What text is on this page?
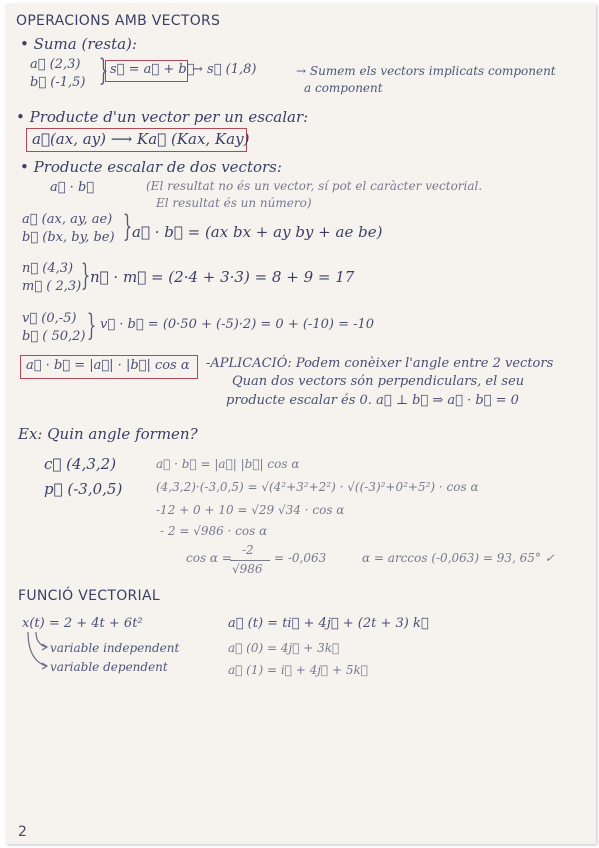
OPERACIONS AMB VECTORS
• Suma (resta):
a⃗ (2,3)
b⃗ (-1,5) } s⃗ = a⃗ + b⃗
→ s⃗ (1,8)	→ Sumem els vectors implicats component
a component
• Producte d'un vector per un escalar:
a⃗(ax, ay) ⟶ Ka⃗ (Kax, Kay)
• Producte escalar de dos vectors:
a⃗ · b⃗	(El resultat no és un vector, sí pot el caràcter vectorial.
El resultat és un número)
a⃗ (ax, ay, ae)
b⃗ (bx, by, be) } a⃗ · b⃗ = (ax bx + ay by + ae be)
n⃗ (4,3)
m⃗ ( 2,3) } n⃗ · m⃗ = (2·4 + 3·3) = 8 + 9 = 17
v⃗ (0,-5)
b⃗ ( 50,2) } v⃗ · b⃗ = (0·50 + (-5)·2) = 0 + (-10) = -10
a⃗ · b⃗ = |a⃗| · |b⃗| cos α -APLICACIÓ: Podem conèixer l'angle entre 2 vectors
Quan dos vectors són perpendiculars, el seu
producte escalar és 0. a⃗ ⊥ b⃗ ⇒ a⃗ · b⃗ = 0
Ex: Quin angle formen?
c⃗ (4,3,2)
p⃗ (-3,0,5)
a⃗ · b⃗ = |a⃗| |b⃗| cos α
(4,3,2)·(-3,0,5) = √(4²+3²+2²) · √((-3)²+0²+5²) · cos α
-12 + 0 + 10 = √29 √34 · cos α
- 2 = √986 · cos α
cos α =
-2
√986
= -0,063	α = arccos (-0,063) = 93, 65° ✓
FUNCIÓ VECTORIAL
x(t) = 2 + 4t + 6t²
variable independent
variable dependent
a⃗ (t) = ti⃗ + 4j⃗ + (2t + 3) k⃗
a⃗ (0) = 4j⃗ + 3k⃗
a⃗ (1) = i⃗ + 4j⃗ + 5k⃗
2
